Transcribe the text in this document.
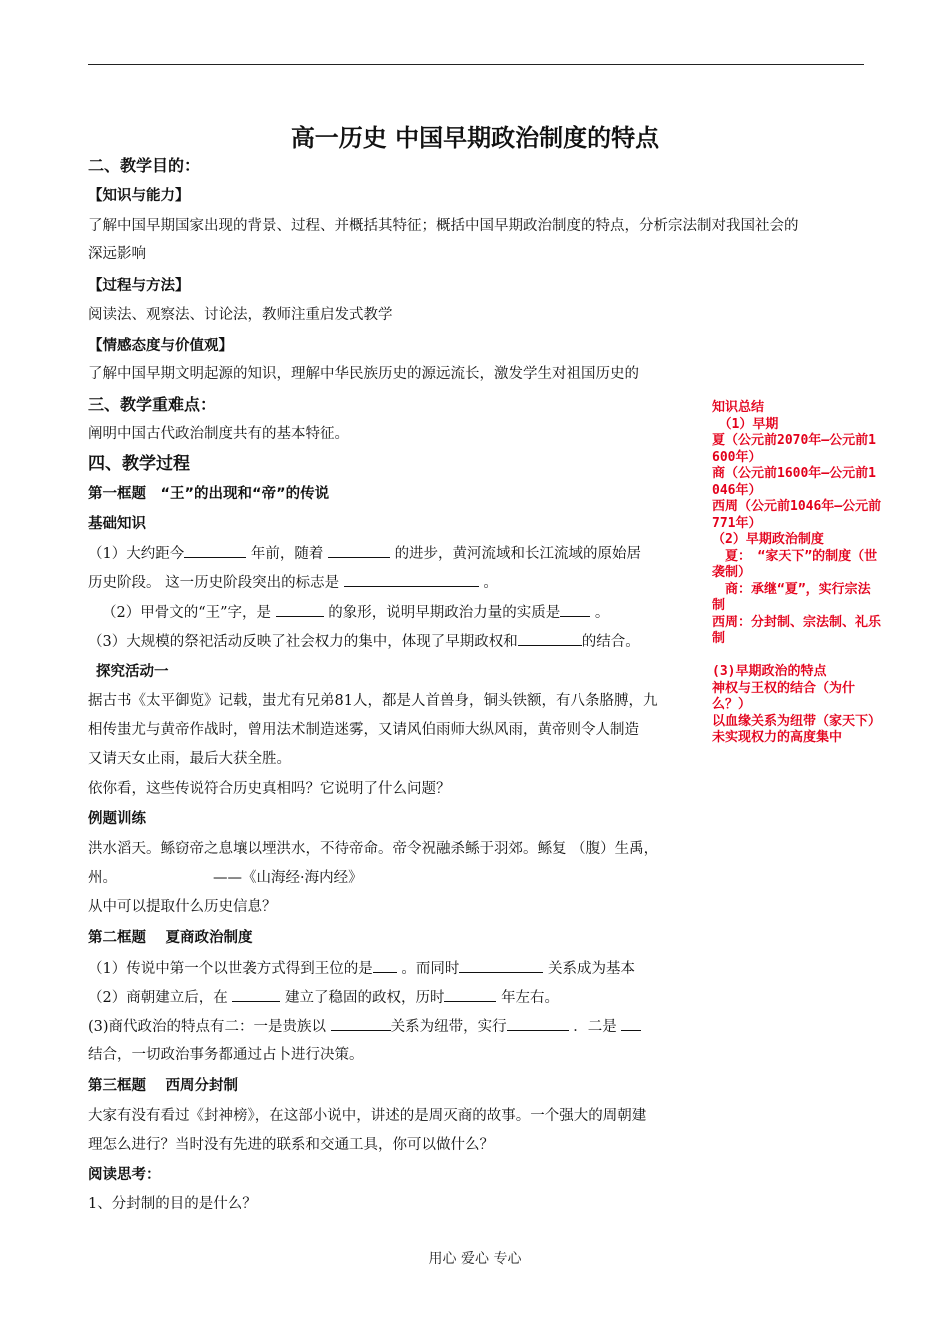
高一历史 中国早期政治制度的特点
二、教学目的：
【知识与能力】
了解中国早期国家出现的背景、过程、并概括其特征；概括中国早期政治制度的特点，分析宗法制对我国社会的
深远影响
【过程与方法】
阅读法、观察法、讨论法，教师注重启发式教学
【情感态度与价值观】
了解中国早期文明起源的知识，理解中华民族历史的源远流长，激发学生对祖国历史的
三、教学重难点：
阐明中国古代政治制度共有的基本特征。
四、教学过程
第一框题　“王”的出现和“帝”的传说
基础知识
（1）大约距今	年前，随着	的进步，黄河流域和长江流域的原始居
历史阶段。 这一历史阶段突出的标志是	。
（2）甲骨文的“王”字，是	的象形，说明早期政治力量的实质是 。
（3）大规模的祭祀活动反映了社会权力的集中，体现了早期政权和	的结合。
探究活动一
据古书《太平御览》记载，蚩尤有兄弟81人，都是人首兽身，铜头铁额，有八条胳膊，九
相传蚩尤与黄帝作战时，曾用法术制造迷雾，又请风伯雨师大纵风雨，黄帝则令人制造
又请天女止雨，最后大获全胜。
依你看，这些传说符合历史真相吗？它说明了什么问题？
例题训练
洪水滔天。鲧窃帝之息壤以堙洪水，不待帝命。帝令祝融杀鲧于羽郊。鲧复 （腹）生禹，
州。	——《山海经·海内经》
从中可以提取什么历史信息？
第二框题　 夏商政治制度
（1）传说中第一个以世袭方式得到王位的是 。而同时	关系成为基本
（2）商朝建立后，在	建立了稳固的政权，历时	年左右。
(3)商代政治的特点有二：一是贵族以	关系为纽带，实行	．二是
结合，一切政治事务都通过占卜进行决策。
第三框题　 西周分封制
大家有没有看过《封神榜》，在这部小说中，讲述的是周灭商的故事。一个强大的周朝建
理怎么进行？当时没有先进的联系和交通工具，你可以做什么？
阅读思考：
1、分封制的目的是什么？
知识总结
　（1）早期
夏（公元前2070年—公元前1600年）
商（公元前1600年—公元前1046年）
西周（公元前1046年—公元前771年）
（2）早期政治制度
　夏：　“家天下”的制度（世袭制）
　商：承继“夏”，实行宗法制
西周：分封制、宗法制、礼乐制

(3)早期政治的特点
神权与王权的结合（为什么？）
以血缘关系为纽带（家天下）
未实现权力的高度集中
用心 爱心 专心
